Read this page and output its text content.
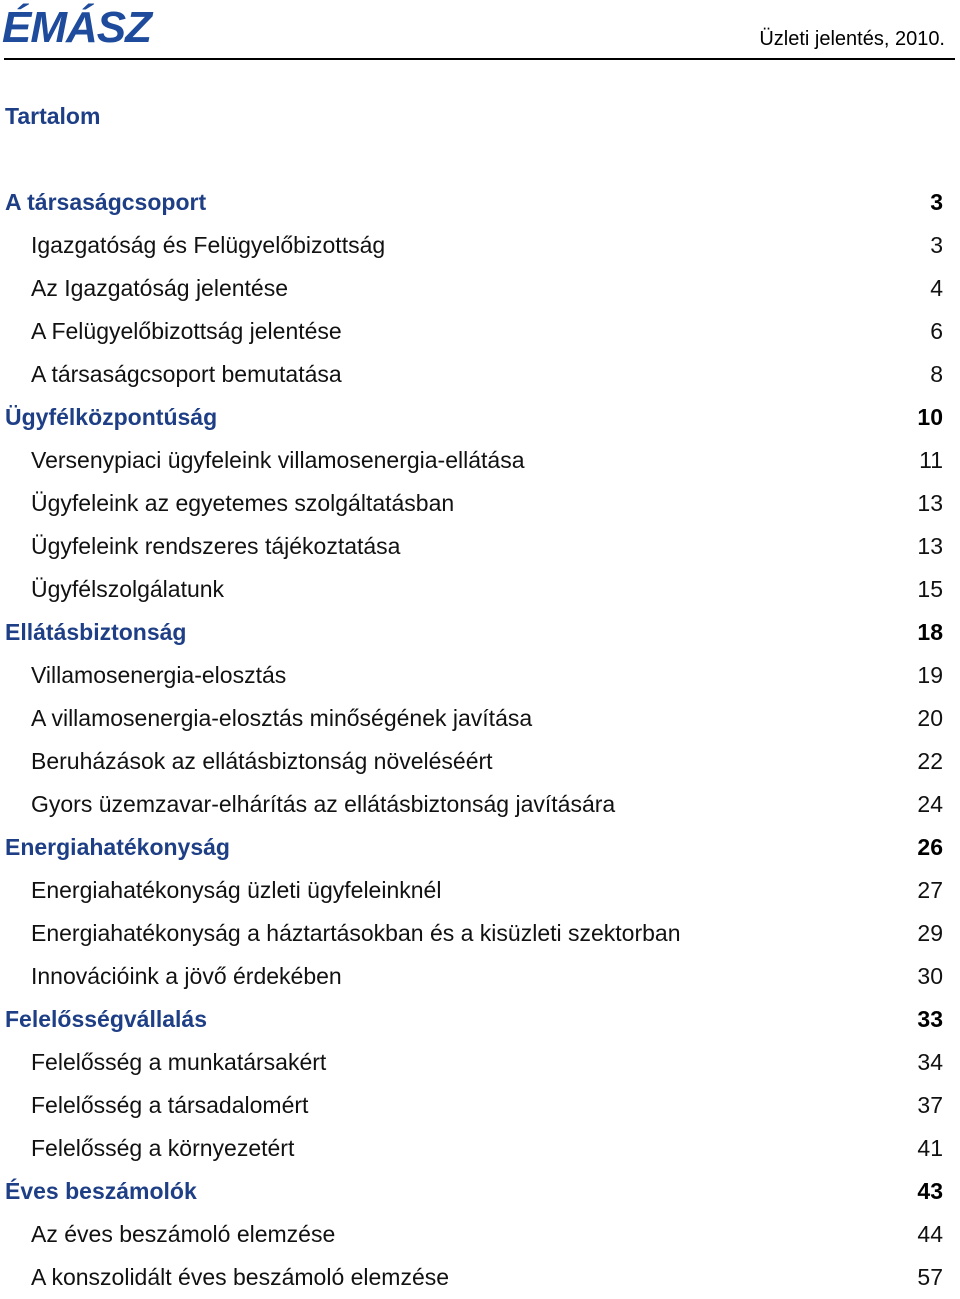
ÉMÁSZ	Üzleti jelentés, 2010.
Tartalom
A társaságcsoport	3
Igazgatóság és Felügyelőbizottság	3
Az Igazgatóság jelentése	4
A Felügyelőbizottság jelentése	6
A társaságcsoport bemutatása	8
Ügyfélközpontúság	10
Versenypiaci ügyfeleink villamosenergia-ellátása	11
Ügyfeleink az egyetemes szolgáltatásban	13
Ügyfeleink rendszeres tájékoztatása	13
Ügyfélszolgálatunk	15
Ellátásbiztonság	18
Villamosenergia-elosztás	19
A villamosenergia-elosztás minőségének javítása	20
Beruházások az ellátásbiztonság növeléséért	22
Gyors üzemzavar-elhárítás az ellátásbiztonság javítására	24
Energiahatékonyság	26
Energiahatékonyság üzleti ügyfeleinknél	27
Energiahatékonyság a háztartásokban és a kisüzleti szektorban	29
Innovációink a jövő érdekében	30
Felelősségvállalás	33
Felelősség a munkatársakért	34
Felelősség a társadalomért	37
Felelősség a környezetért	41
Éves beszámolók	43
Az éves beszámoló elemzése	44
A konszolidált éves beszámoló elemzése	57
